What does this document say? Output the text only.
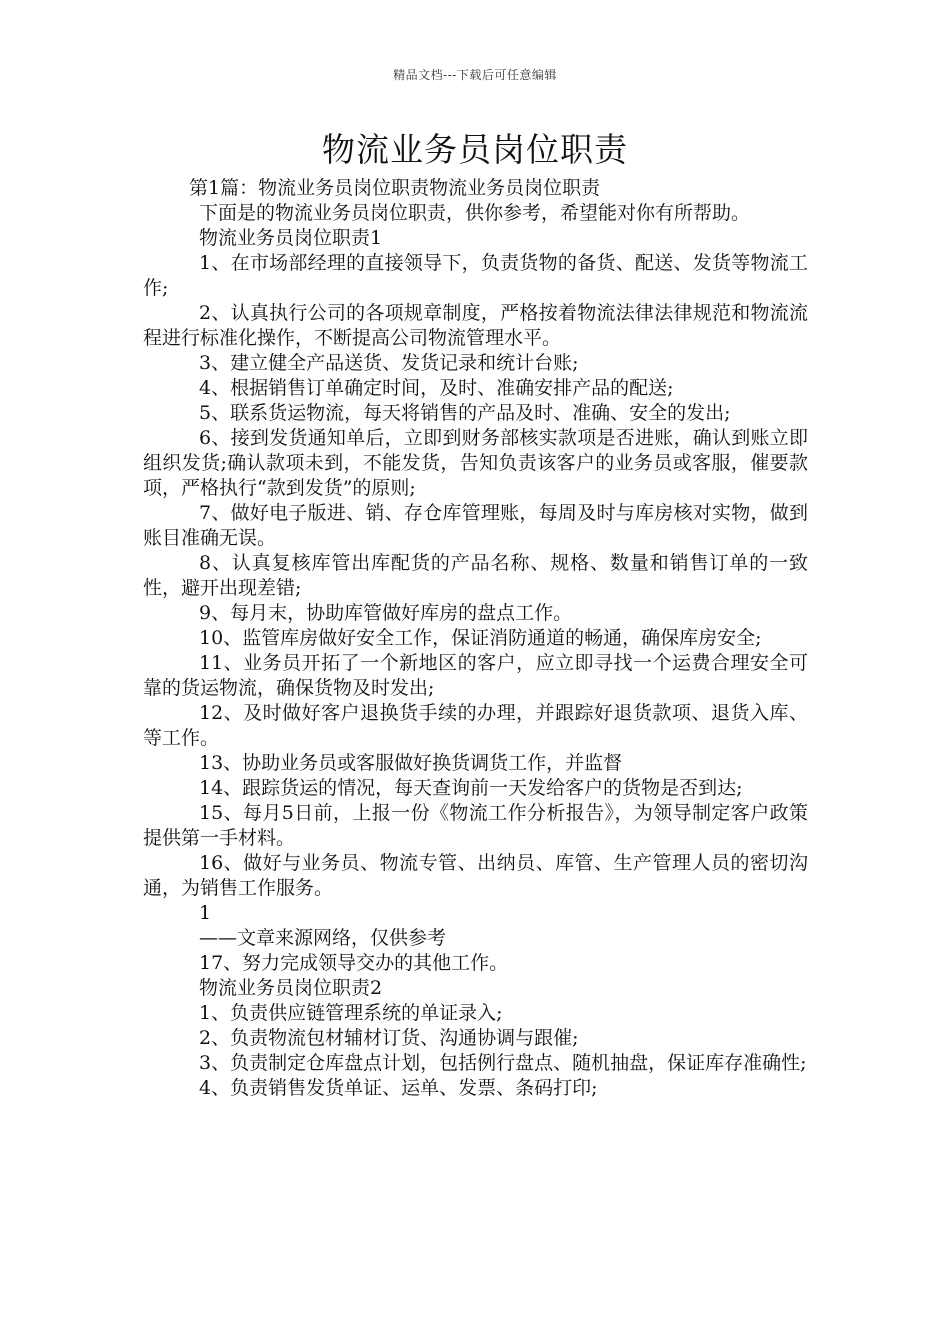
精品文档---下载后可任意编辑
物流业务员岗位职责

第1篇：物流业务员岗位职责物流业务员岗位职责

下面是的物流业务员岗位职责，供你参考，希望能对你有所帮助。

物流业务员岗位职责1

1、在市场部经理的直接领导下，负责货物的备货、配送、发货等物流工作;

2、认真执行公司的各项规章制度，严格按着物流法律法律规范和物流流程进行标准化操作，不断提高公司物流管理水平。

3、建立健全产品送货、发货记录和统计台账;

4、根据销售订单确定时间，及时、准确安排产品的配送;

5、联系货运物流，每天将销售的产品及时、准确、安全的发出;

6、接到发货通知单后，立即到财务部核实款项是否进账，确认到账立即组织发货;确认款项未到，不能发货，告知负责该客户的业务员或客服，催要款项，严格执行“款到发货”的原则;

7、做好电子版进、销、存仓库管理账，每周及时与库房核对实物，做到账目准确无误。

8、认真复核库管出库配货的产品名称、规格、数量和销售订单的一致性，避开出现差错;

9、每月末，协助库管做好库房的盘点工作。

10、监管库房做好安全工作，保证消防通道的畅通，确保库房安全;

11、业务员开拓了一个新地区的客户，应立即寻找一个运费合理安全可靠的货运物流，确保货物及时发出;

12、及时做好客户退换货手续的办理，并跟踪好退货款项、退货入库、等工作。

13、协助业务员或客服做好换货调货工作，并监督

14、跟踪货运的情况，每天查询前一天发给客户的货物是否到达;

15、每月5日前，上报一份《物流工作分析报告》，为领导制定客户政策提供第一手材料。

16、做好与业务员、物流专管、出纳员、库管、生产管理人员的密切沟通，为销售工作服务。

1

——文章来源网络，仅供参考

17、努力完成领导交办的其他工作。

物流业务员岗位职责2

1、负责供应链管理系统的单证录入;

2、负责物流包材辅材订货、沟通协调与跟催;

3、负责制定仓库盘点计划，包括例行盘点、随机抽盘，保证库存准确性;

4、负责销售发货单证、运单、发票、条码打印;
